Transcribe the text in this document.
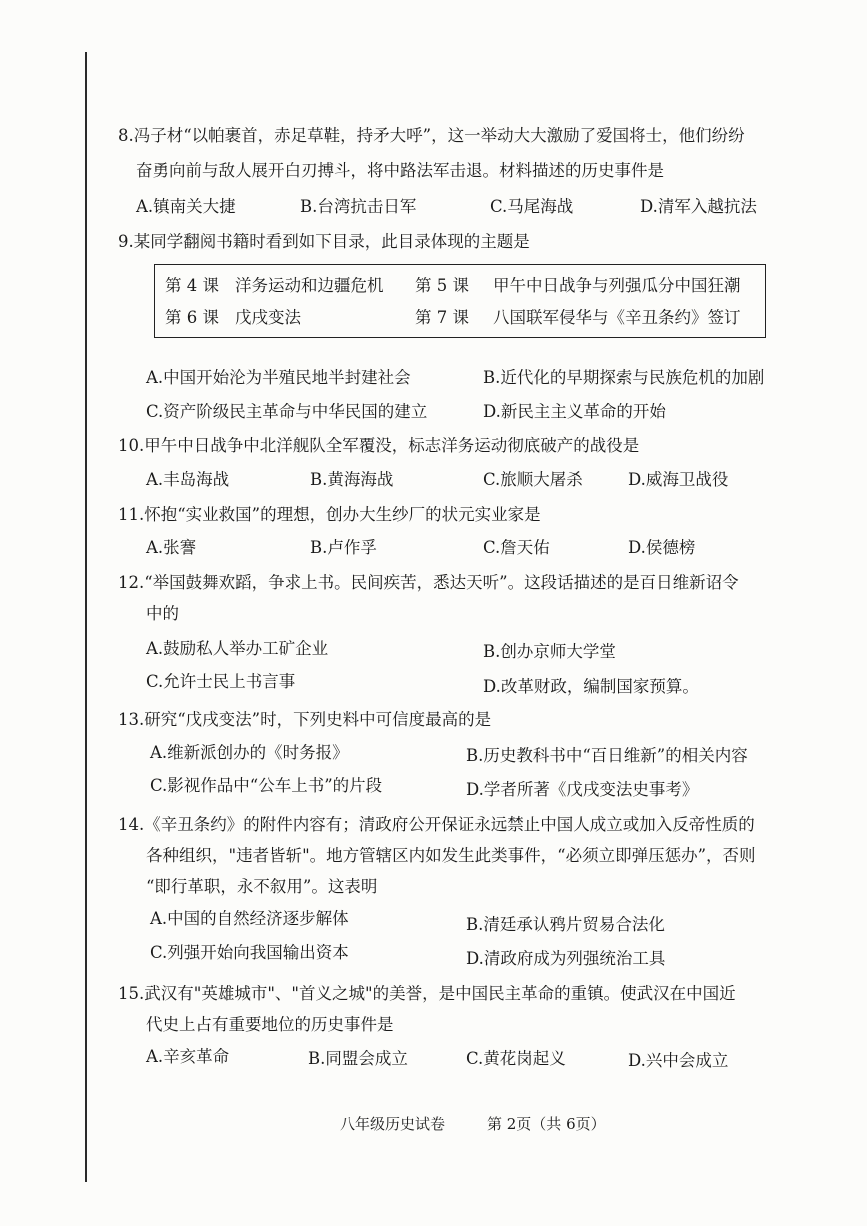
8.冯子材“以帕裹首，赤足草鞋，持矛大呼”，这一举动大大激励了爱国将士，他们纷纷
奋勇向前与敌人展开白刃搏斗，将中路法军击退。材料描述的历史事件是
A.镇南关大捷	B.台湾抗击日军	C.马尾海战	D.清军入越抗法
9.某同学翻阅书籍时看到如下目录，此目录体现的主题是
第 4 课 洋务运动和边疆危机 第 5 课 甲午中日战争与列强瓜分中国狂潮
第 6 课 戊戌变法	第 7 课 八国联军侵华与《辛丑条约》签订
A.中国开始沦为半殖民地半封建社会	B.近代化的早期探索与民族危机的加剧
C.资产阶级民主革命与中华民国的建立	D.新民主主义革命的开始
10.甲午中日战争中北洋舰队全军覆没，标志洋务运动彻底破产的战役是
A.丰岛海战	B.黄海海战	C.旅顺大屠杀	D.威海卫战役
11.怀抱“实业救国”的理想，创办大生纱厂的状元实业家是
A.张謇	B.卢作孚	C.詹天佑	D.侯德榜
12.“举国鼓舞欢蹈，争求上书。民间疾苦，悉达天听”。这段话描述的是百日维新诏令
中的
A.鼓励私人举办工矿企业	B.创办京师大学堂
C.允许士民上书言事	D.改革财政，编制国家预算。
13.研究“戊戌变法”时，下列史料中可信度最高的是
A.维新派创办的《时务报》	B.历史教科书中“百日维新”的相关内容
C.影视作品中“公车上书”的片段	D.学者所著《戊戌变法史事考》
14.《辛丑条约》的附件内容有；清政府公开保证永远禁止中国人成立或加入反帝性质的
各种组织，"违者皆斩"。地方管辖区内如发生此类事件，“必须立即弹压惩办”，否则
“即行革职，永不叙用”。这表明
A.中国的自然经济逐步解体	B.清廷承认鸦片贸易合法化
C.列强开始向我国输出资本	D.清政府成为列强统治工具
15.武汉有"英雄城市"、"首义之城"的美誉，是中国民主革命的重镇。使武汉在中国近
代史上占有重要地位的历史事件是
A.辛亥革命	B.同盟会成立	C.黄花岗起义	D.兴中会成立
八年级历史试卷	第 2页（共 6页）
